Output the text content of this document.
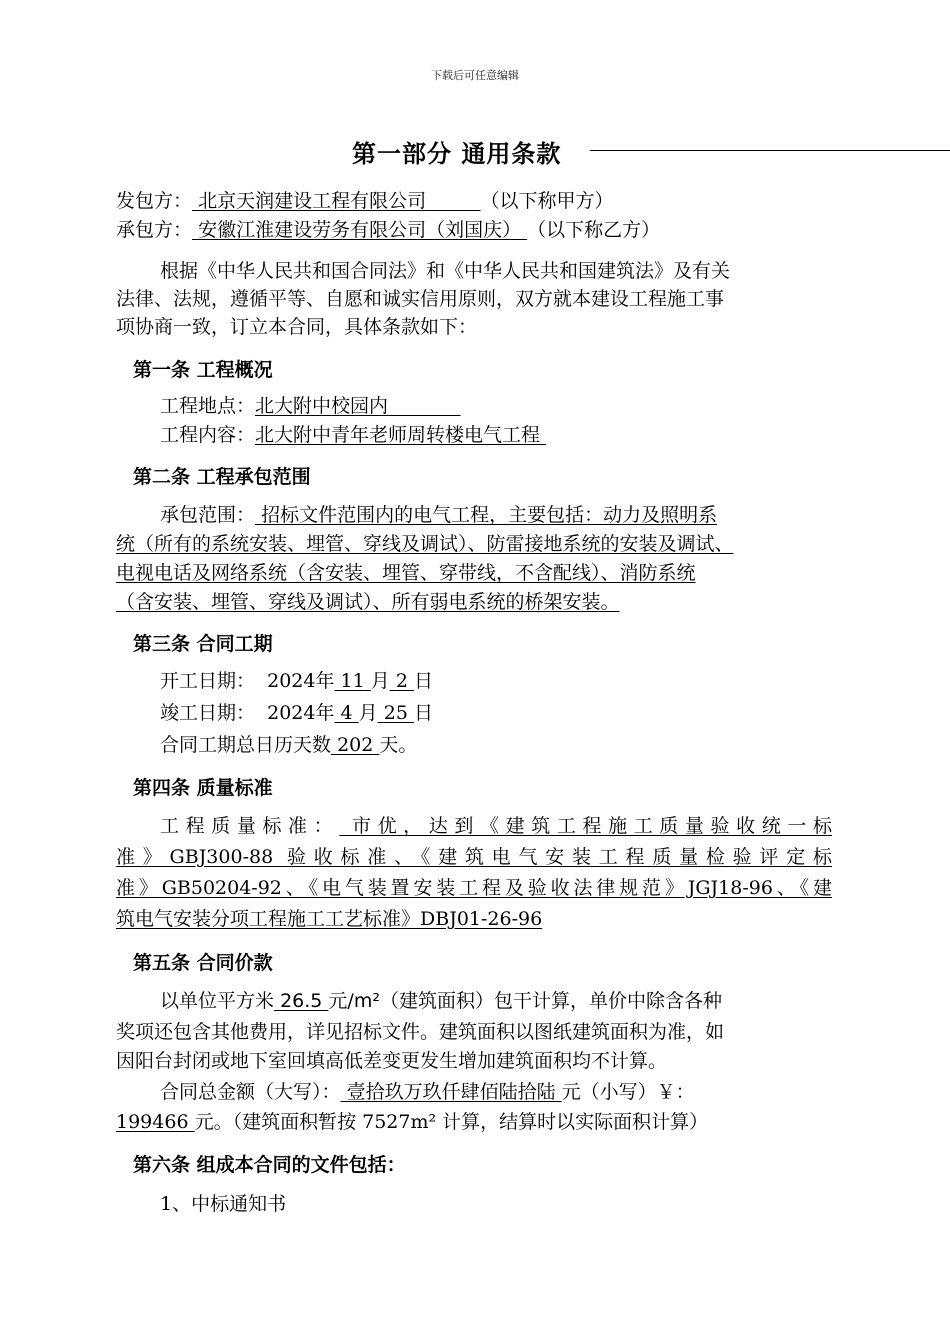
下载后可任意编辑
第一部分 通用条款
发包方： 北京天润建设工程有限公司	（以下称甲方）
承包方： 安徽江淮建设劳务有限公司（刘国庆） （以下称乙方）
根据《中华人民共和国合同法》和《中华人民共和国建筑法》及有关
法律、法规，遵循平等、自愿和诚实信用原则，双方就本建设工程施工事
项协商一致，订立本合同，具体条款如下：
第一条 工程概况
工程地点：北大附中校园内
工程内容：北大附中青年老师周转楼电气工程
第二条 工程承包范围
承包范围： 招标文件范围内的电气工程，主要包括：动力及照明系
统（所有的系统安装、埋管、穿线及调试）、防雷接地系统的安装及调试、
电视电话及网络系统（含安装、埋管、穿带线，不含配线）、消防系统
（含安装、埋管、穿线及调试）、所有弱电系统的桥架安装。
第三条 合同工期
开工日期： 2024年 11 月 2 日
竣工日期： 2024年 4 月 25 日
合同工期总日历天数 202 天。
第四条 质量标准
工程质量标准： 市优，达到《建筑工程施工质量验收统一标
准》GBJ300-88 验收标准、《建筑电气安装工程质量检验评定标
准》GB50204-92、《电气装置安装工程及验收法律规范》JGJ18-96、《建
筑电气安装分项工程施工工艺标准》DBJ01-26-96
第五条 合同价款
以单位平方米 26.5 元/m²（建筑面积）包干计算，单价中除含各种
奖项还包含其他费用，详见招标文件。建筑面积以图纸建筑面积为准，如
因阳台封闭或地下室回填高低差变更发生增加建筑面积均不计算。
合同总金额（大写）： 壹拾玖万玖仟肆佰陆拾陆 元（小写）￥：
199466 元。（建筑面积暂按 7527m² 计算，结算时以实际面积计算）
第六条 组成本合同的文件包括：
1、中标通知书
